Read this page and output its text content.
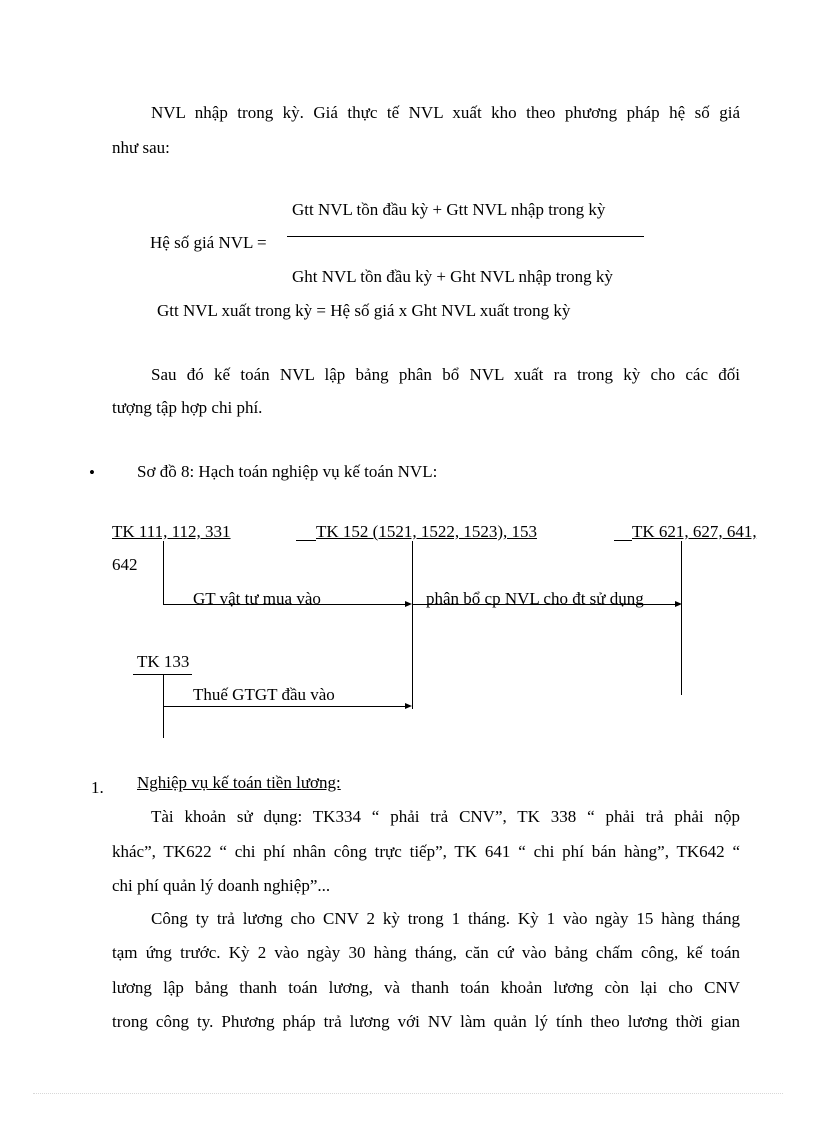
NVL nhập trong kỳ. Giá thực tế NVL xuất kho theo phương pháp hệ số giá
như sau:
Gtt NVL tồn đầu kỳ + Gtt NVL nhập trong kỳ
Hệ số giá NVL =
Ght NVL tồn đầu kỳ + Ght NVL nhập trong kỳ
Gtt NVL xuất trong kỳ = Hệ số giá x Ght NVL xuất trong kỳ
Sau đó kế toán NVL lập bảng phân bổ NVL xuất ra trong kỳ cho các đối
tượng tập hợp chi phí.
• Sơ đồ 8: Hạch toán nghiệp vụ kế toán NVL:
TK 111, 112, 331	TK 152 (1521, 1522, 1523), 153	TK 621, 627, 641,
642
GT vật tư mua vào	phân bổ cp NVL cho đt sử dụng
TK 133
Thuế GTGT đầu vào
1. Nghiệp vụ kế toán tiền lương:
Tài khoản sử dụng: TK334 “ phải trả CNV”, TK 338 “ phải trả phải nộp
khác”, TK622 “ chi phí nhân công trực tiếp”, TK 641 “ chi phí bán hàng”, TK642 “
chi phí quản lý doanh nghiệp”...
Công ty trả lương cho CNV 2 kỳ trong 1 tháng. Kỳ 1 vào ngày 15 hàng tháng
tạm ứng trước. Kỳ 2 vào ngày 30 hàng tháng, căn cứ vào bảng chấm công, kế toán
lương lập bảng thanh toán lương, và thanh toán khoản lương còn lại cho CNV
trong công ty. Phương pháp trả lương với NV làm quản lý tính theo lương thời gian
